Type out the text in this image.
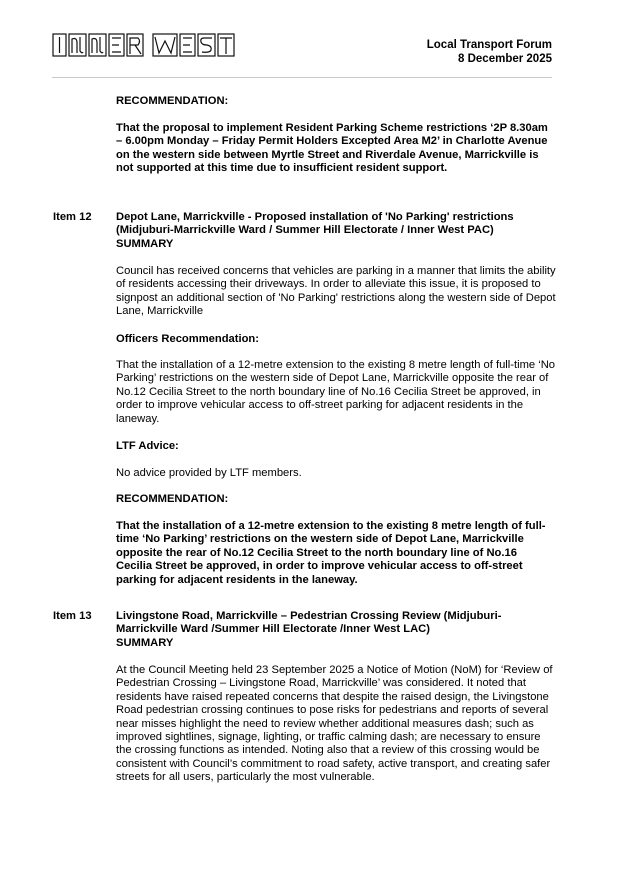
Local Transport Forum
8 December 2025
RECOMMENDATION:
That the proposal to implement Resident Parking Scheme restrictions ‘2P 8.30am – 6.00pm Monday – Friday Permit Holders Excepted Area M2’ in Charlotte Avenue on the western side between Myrtle Street and Riverdale Avenue, Marrickville is not supported at this time due to insufficient resident support.
Item 12 Depot Lane, Marrickville - Proposed installation of 'No Parking' restrictions (Midjuburi-Marrickville Ward / Summer Hill Electorate / Inner West PAC)
SUMMARY
Council has received concerns that vehicles are parking in a manner that limits the ability of residents accessing their driveways. In order to alleviate this issue, it is proposed to signpost an additional section of 'No Parking' restrictions along the western side of Depot Lane, Marrickville
Officers Recommendation:
That the installation of a 12-metre extension to the existing 8 metre length of full-time ‘No Parking’ restrictions on the western side of Depot Lane, Marrickville opposite the rear of No.12 Cecilia Street to the north boundary line of No.16 Cecilia Street be approved, in order to improve vehicular access to off-street parking for adjacent residents in the laneway.
LTF Advice:
No advice provided by LTF members.
RECOMMENDATION:
That the installation of a 12-metre extension to the existing 8 metre length of full-time ‘No Parking’ restrictions on the western side of Depot Lane, Marrickville opposite the rear of No.12 Cecilia Street to the north boundary line of No.16 Cecilia Street be approved, in order to improve vehicular access to off-street parking for adjacent residents in the laneway.
Item 13 Livingstone Road, Marrickville – Pedestrian Crossing Review (Midjuburi-Marrickville Ward /Summer Hill Electorate /Inner West LAC)
SUMMARY
At the Council Meeting held 23 September 2025 a Notice of Motion (NoM) for ‘Review of Pedestrian Crossing – Livingstone Road, Marrickville’ was considered. It noted that residents have raised repeated concerns that despite the raised design, the Livingstone Road pedestrian crossing continues to pose risks for pedestrians and reports of several near misses highlight the need to review whether additional measures dash; such as improved sightlines, signage, lighting, or traffic calming dash; are necessary to ensure the crossing functions as intended. Noting also that a review of this crossing would be consistent with Council’s commitment to road safety, active transport, and creating safer streets for all users, particularly the most vulnerable.
